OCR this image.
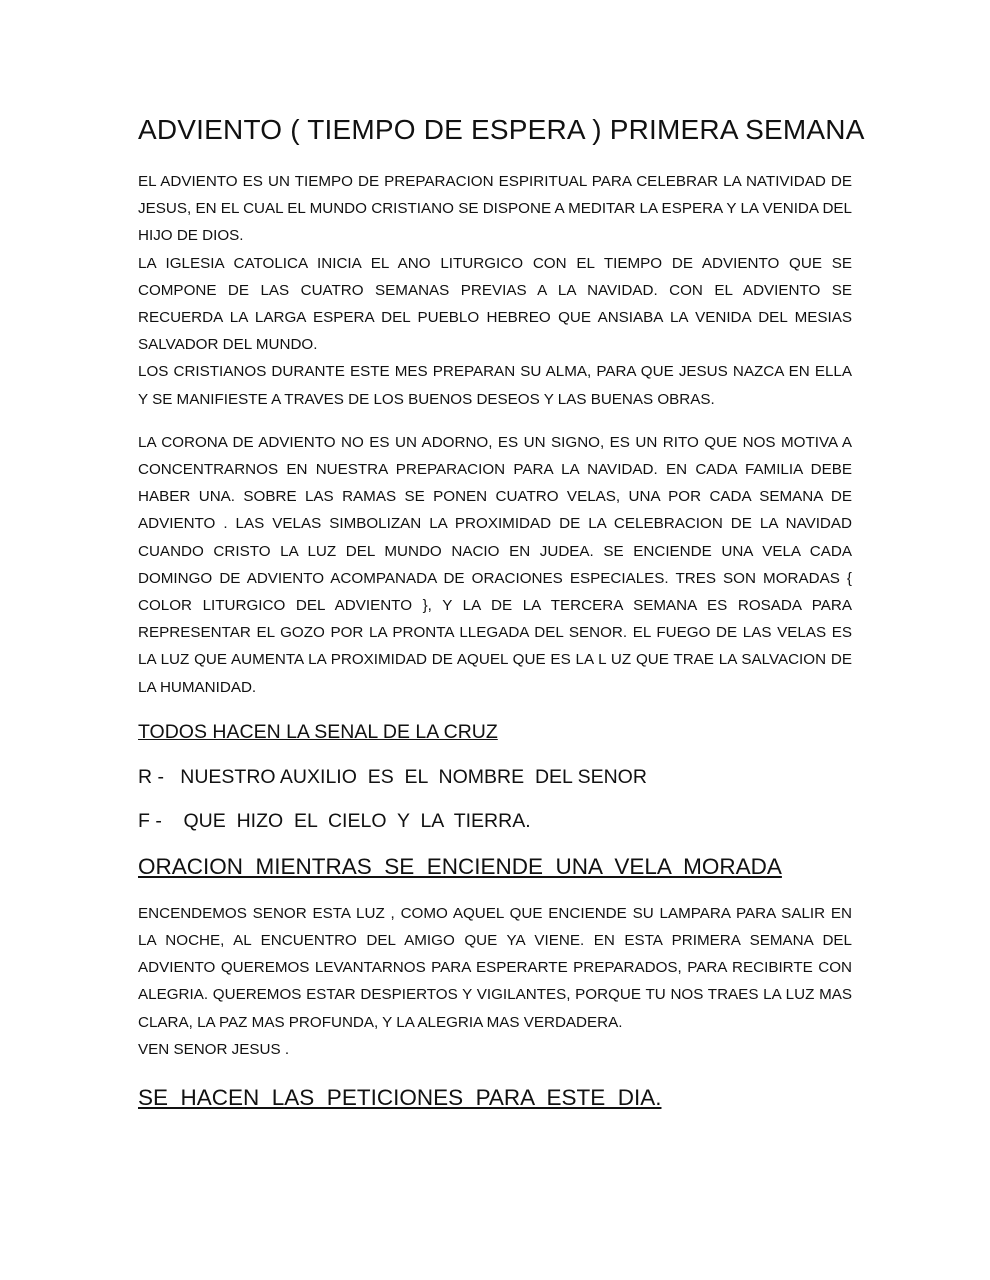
ADVIENTO ( TIEMPO DE ESPERA ) PRIMERA SEMANA

EL ADVIENTO ES UN TIEMPO DE PREPARACION ESPIRITUAL PARA CELEBRAR LA NATIVIDAD DE JESUS, EN EL CUAL EL MUNDO CRISTIANO SE DISPONE A MEDITAR LA ESPERA Y LA VENIDA DEL HIJO DE DIOS.

LA IGLESIA CATOLICA INICIA EL ANO LITURGICO CON EL TIEMPO DE ADVIENTO QUE SE COMPONE DE LAS CUATRO SEMANAS PREVIAS A LA NAVIDAD. CON EL ADVIENTO SE RECUERDA LA LARGA ESPERA DEL PUEBLO HEBREO QUE ANSIABA LA VENIDA DEL MESIAS SALVADOR DEL MUNDO.

LOS CRISTIANOS DURANTE ESTE MES PREPARAN SU ALMA, PARA QUE JESUS NAZCA EN ELLA Y SE MANIFIESTE A TRAVES DE LOS BUENOS DESEOS Y LAS BUENAS OBRAS.

LA CORONA DE ADVIENTO NO ES UN ADORNO, ES UN SIGNO, ES UN RITO QUE NOS MOTIVA A CONCENTRARNOS EN NUESTRA PREPARACION PARA LA NAVIDAD. EN CADA FAMILIA DEBE HABER UNA. SOBRE LAS RAMAS SE PONEN CUATRO VELAS, UNA POR CADA SEMANA DE ADVIENTO . LAS VELAS SIMBOLIZAN LA PROXIMIDAD DE LA CELEBRACION DE LA NAVIDAD CUANDO CRISTO LA LUZ DEL MUNDO NACIO EN JUDEA. SE ENCIENDE UNA VELA CADA DOMINGO DE ADVIENTO ACOMPANADA DE ORACIONES ESPECIALES. TRES SON MORADAS { COLOR LITURGICO DEL ADVIENTO }, Y LA DE LA TERCERA SEMANA ES ROSADA PARA REPRESENTAR EL GOZO POR LA PRONTA LLEGADA DEL SENOR. EL FUEGO DE LAS VELAS ES LA LUZ QUE AUMENTA LA PROXIMIDAD DE AQUEL QUE ES LA L UZ QUE TRAE LA SALVACION DE LA HUMANIDAD.

TODOS HACEN LA SENAL DE LA CRUZ
R -   NUESTRO AUXILIO  ES  EL  NOMBRE  DEL SENOR
F -    QUE  HIZO  EL  CIELO  Y  LA  TIERRA.
ORACION  MIENTRAS  SE  ENCIENDE  UNA  VELA  MORADA

ENCENDEMOS SENOR ESTA LUZ , COMO AQUEL QUE ENCIENDE SU LAMPARA PARA SALIR EN LA NOCHE, AL ENCUENTRO DEL AMIGO QUE YA VIENE. EN ESTA PRIMERA SEMANA DEL ADVIENTO QUEREMOS LEVANTARNOS PARA ESPERARTE PREPARADOS, PARA RECIBIRTE CON ALEGRIA. QUEREMOS ESTAR DESPIERTOS Y VIGILANTES, PORQUE TU NOS TRAES LA LUZ MAS CLARA, LA PAZ MAS PROFUNDA, Y LA ALEGRIA MAS VERDADERA.

VEN SENOR JESUS .

SE  HACEN  LAS  PETICIONES  PARA  ESTE  DIA.
